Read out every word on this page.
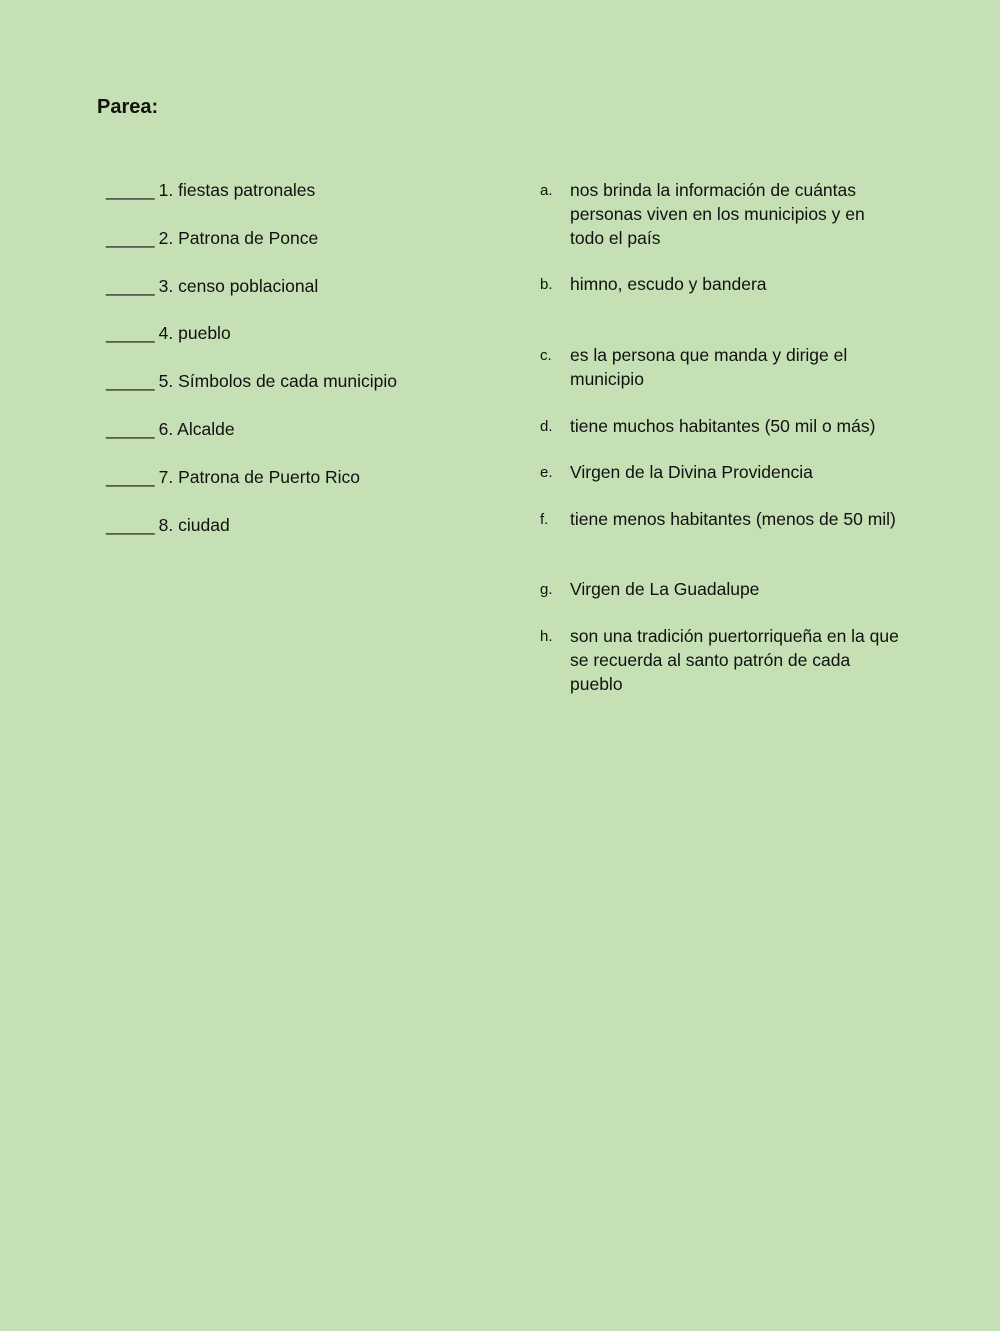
Parea:
_____ 1. fiestas patronales
_____ 2. Patrona de Ponce
_____ 3. censo poblacional
_____ 4. pueblo
_____ 5. Símbolos de cada municipio
_____ 6. Alcalde
_____ 7. Patrona de Puerto Rico
_____ 8. ciudad
a. nos brinda la información de cuántas personas viven en los municipios y en todo el país
b. himno, escudo y bandera
c. es la persona que manda y dirige el municipio
d. tiene muchos habitantes (50 mil o más)
e. Virgen de la Divina Providencia
f. tiene menos habitantes (menos de 50 mil)
g. Virgen de La Guadalupe
h. son una tradición puertorriqueña en la que se recuerda al santo patrón de cada pueblo
